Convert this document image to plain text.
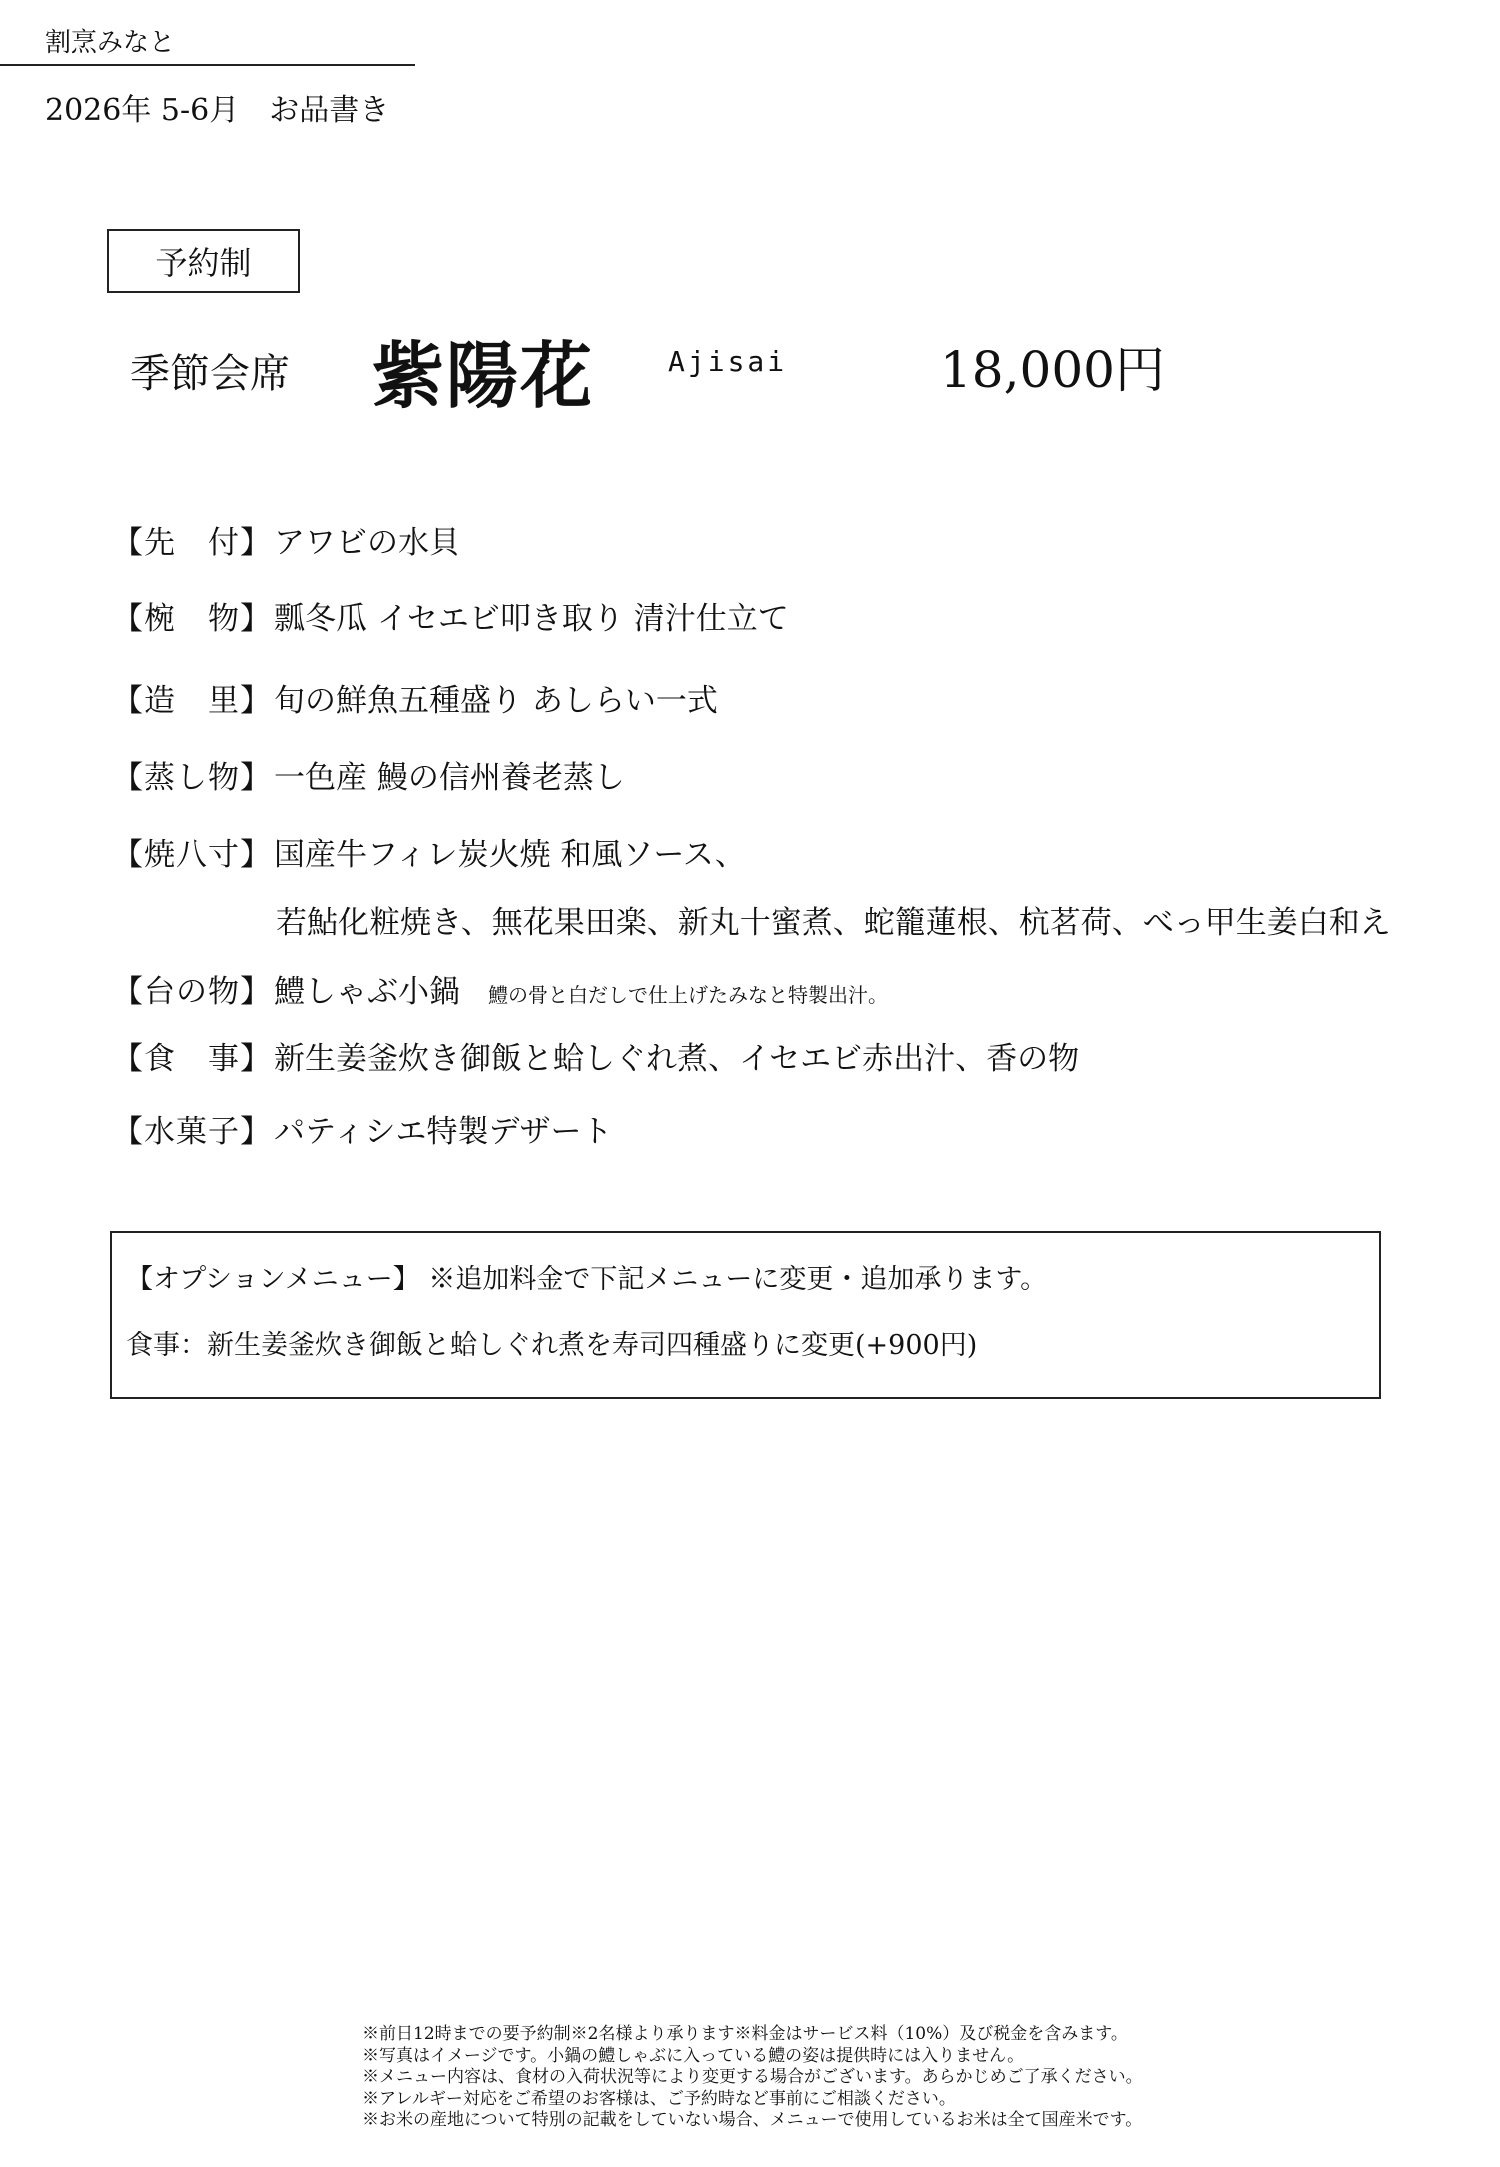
割烹みなと
2026年 5-6月　お品書き
予約制
季節会席 紫陽花	Ajisai	18,000円
【先　付】アワビの水貝
【椀　物】瓢冬瓜 イセエビ叩き取り 清汁仕立て
【造　里】旬の鮮魚五種盛り あしらい一式
【蒸し物】一色産 鰻の信州養老蒸し
【焼八寸】国産牛フィレ炭火焼 和風ソース、
若鮎化粧焼き、無花果田楽、新丸十蜜煮、蛇籠蓮根、杭茗荷、べっ甲生姜白和え
【台の物】鱧しゃぶ小鍋 鱧の骨と白だしで仕上げたみなと特製出汁。
【食　事】新生姜釜炊き御飯と蛤しぐれ煮、イセエビ赤出汁、香の物
【水菓子】パティシエ特製デザート
【オプションメニュー】 ※追加料金で下記メニューに変更・追加承ります。
食事：新生姜釜炊き御飯と蛤しぐれ煮を寿司四種盛りに変更(+900円)
※前日12時までの要予約制※2名様より承ります※料金はサービス料（10%）及び税金を含みます。
※写真はイメージです。小鍋の鱧しゃぶに入っている鱧の姿は提供時には入りません。
※メニュー内容は、食材の入荷状況等により変更する場合がございます。あらかじめご了承ください。
※アレルギー対応をご希望のお客様は、ご予約時など事前にご相談ください。
※お米の産地について特別の記載をしていない場合、メニューで使用しているお米は全て国産米です。
